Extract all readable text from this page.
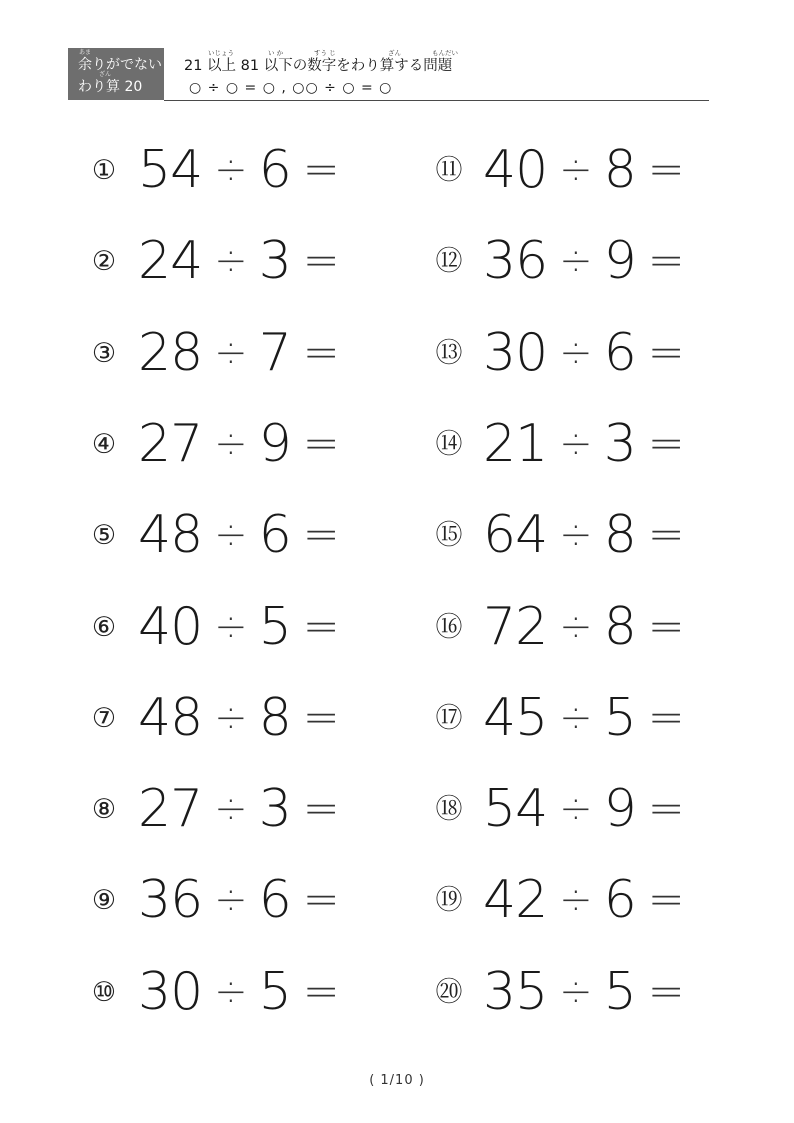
あま
余りがでない
ざん
わり算 20
いじょう	い か	すう じ	ざん	もんだい
21 以上 81 以下の数字をわり算する問題
○ ÷ ○ = ○ , ○○ ÷ ○ = ○
① 54 ÷ 6 =
② 24 ÷ 3 =
③ 28 ÷ 7 =
④ 27 ÷ 9 =
⑤ 48 ÷ 6 =
⑥ 40 ÷ 5 =
⑦ 48 ÷ 8 =
⑧ 27 ÷ 3 =
⑨ 36 ÷ 6 =
⑩ 30 ÷ 5 =
⑪ 40 ÷ 8 =
⑫ 36 ÷ 9 =
⑬ 30 ÷ 6 =
⑭ 21 ÷ 3 =
⑮ 64 ÷ 8 =
⑯ 72 ÷ 8 =
⑰ 45 ÷ 5 =
⑱ 54 ÷ 9 =
⑲ 42 ÷ 6 =
⑳ 35 ÷ 5 =
( 1/10 )
